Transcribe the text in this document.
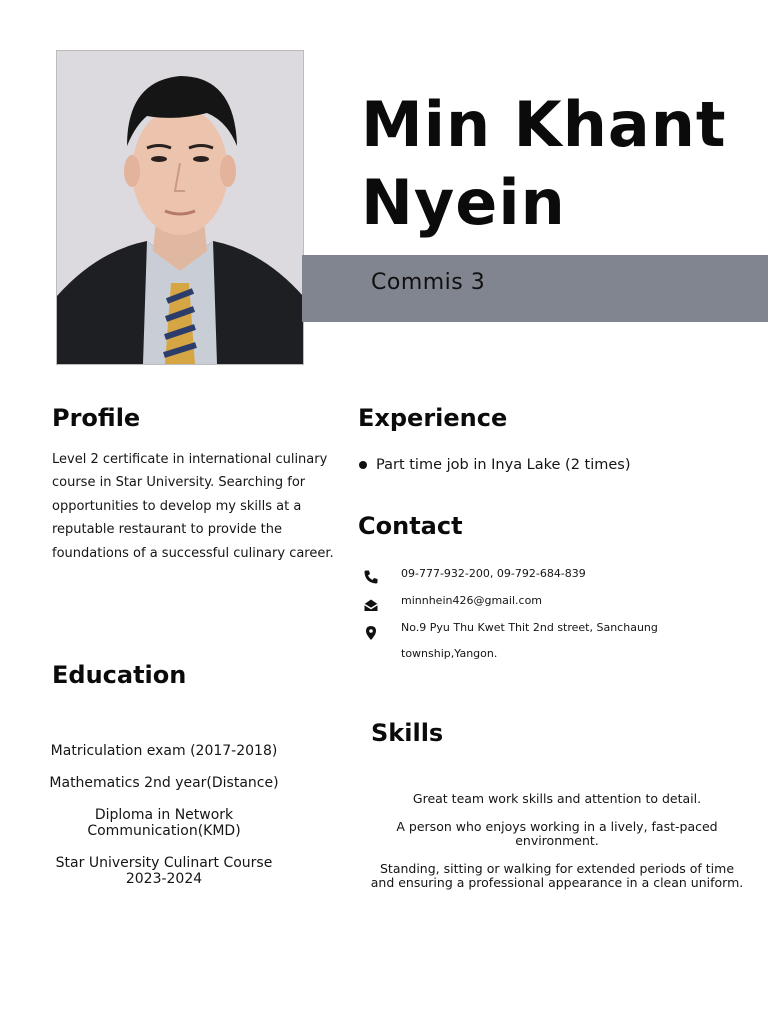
Min Khant
Nyein
Commis 3
Profile
Level 2 certificate in international culinary course in Star University. Searching for opportunities to develop my skills at a reputable restaurant to provide the foundations of a successful culinary career.
Experience
Part time job in Inya Lake (2 times)
Contact
09-777-932-200, 09-792-684-839
minnhein426@gmail.com
No.9 Pyu Thu Kwet Thit 2nd street, Sanchaung
township,Yangon.
Education
Matriculation exam (2017-2018)
Mathematics 2nd year(Distance)
Diploma in Network Communication(KMD)
Star University Culinart Course 2023-2024
Skills
Great team work skills and attention to detail.
A person who enjoys working in a lively, fast-paced environment.
Standing, sitting or walking for extended periods of time and ensuring a professional appearance in a clean uniform.
